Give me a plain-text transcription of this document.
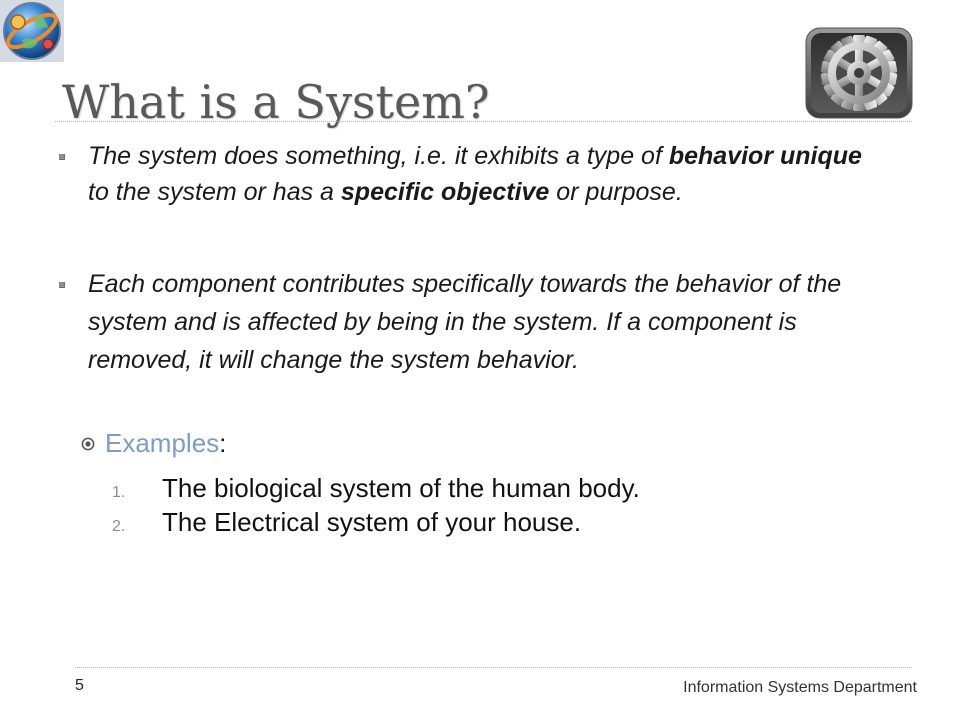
What is a System?
The system does something, i.e. it exhibits a type of behavior unique
to the system or has a specific objective or purpose.
Each component contributes specifically towards the behavior of the
system and is affected by being in the system. If a component is
removed, it will change the system behavior.
Examples:
1.	The biological system of the human body.
2.	The Electrical system of your house.
5	Information Systems Department
